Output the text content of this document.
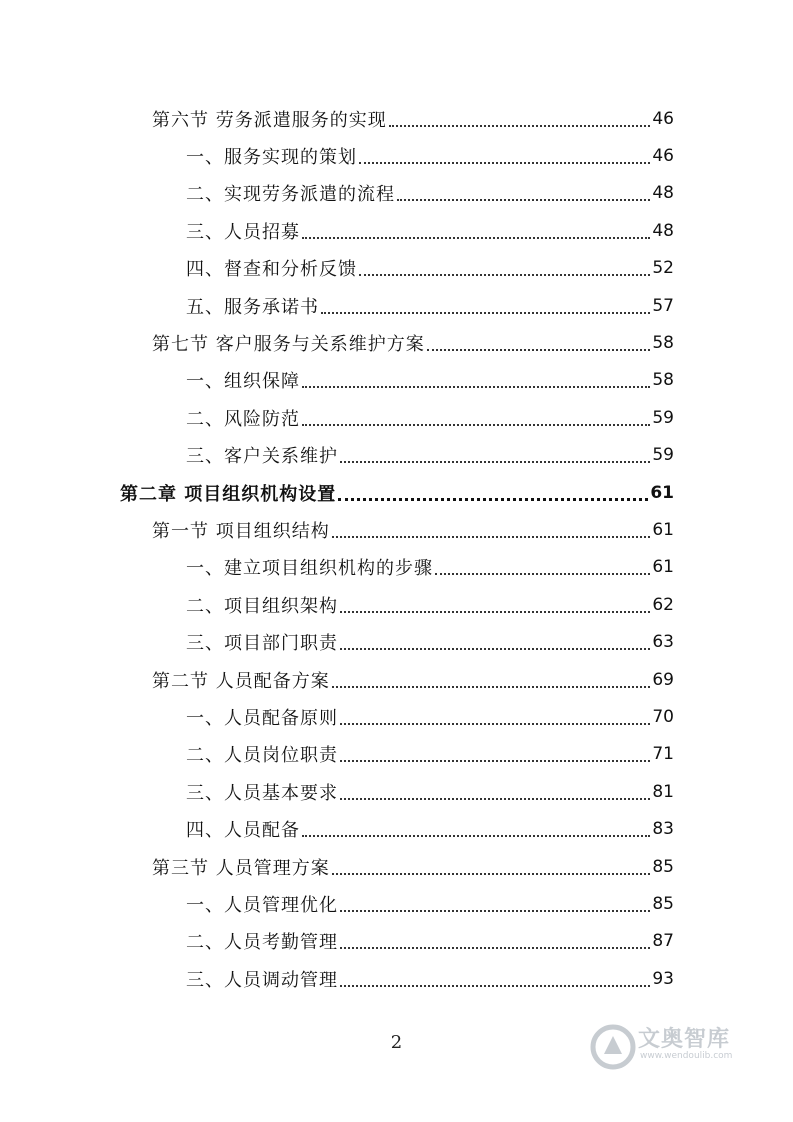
第六节 劳务派遣服务的实现	46
一、服务实现的策划	46
二、实现劳务派遣的流程	48
三、人员招募	48
四、督查和分析反馈	52
五、服务承诺书	57
第七节 客户服务与关系维护方案	58
一、组织保障	58
二、风险防范	59
三、客户关系维护	59
第二章 项目组织机构设置	61
第一节 项目组织结构	61
一、建立项目组织机构的步骤	61
二、项目组织架构	62
三、项目部门职责	63
第二节 人员配备方案	69
一、人员配备原则	70
二、人员岗位职责	71
三、人员基本要求	81
四、人员配备	83
第三节 人员管理方案	85
一、人员管理优化	85
二、人员考勤管理	87
三、人员调动管理	93
2	文奥智库
www.wendoulib.com
